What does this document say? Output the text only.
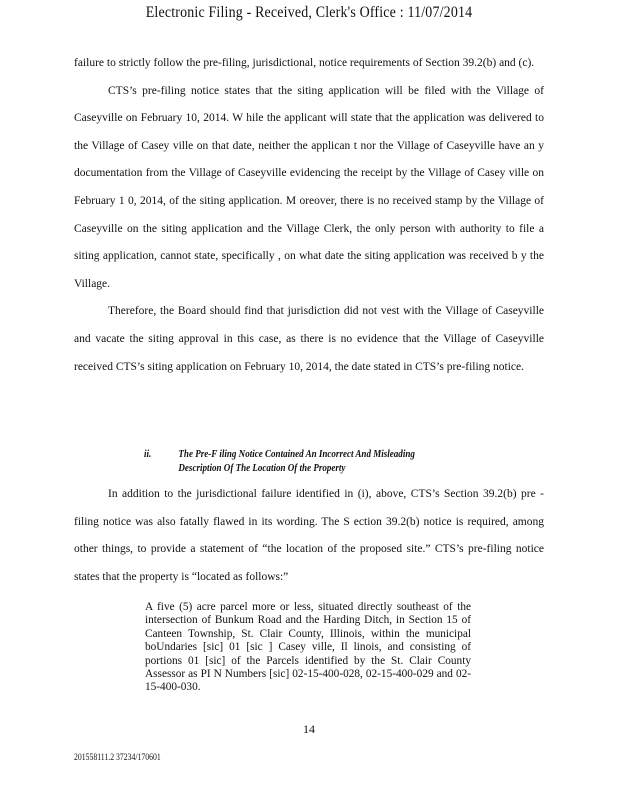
Electronic Filing - Received, Clerk's Office : 11/07/2014

failure to strictly follow the pre-filing, jurisdictional, notice requirements of Section 39.2(b) and (c).

CTS’s pre-filing notice states that the siting application will be filed with the Village of Caseyville on February 10, 2014. W hile the applicant will state that the application was delivered to the Village of Casey ville on that date, neither the applican t nor the Village of Caseyville have an y documentation from the Village of Caseyville evidencing the receipt by the Village of Casey ville on February 1 0, 2014, of the siting application. M oreover, there is no received stamp by the Village of Caseyville on the siting application and the Village Clerk, the only person with authority to file a siting application, cannot state, specifically , on what date the siting application was received b y the Village.

Therefore, the Board should find that jurisdiction did not vest with the Village of Caseyville and vacate the siting approval in this case, as there is no evidence that the Village of Caseyville received CTS’s siting application on February 10, 2014, the date stated in CTS’s pre-filing notice.

ii.	The Pre-F iling Notice Contained An Incorrect And Misleading
Description Of The Location Of the Property

In addition to the jurisdictional failure identified in (i), above, CTS’s Section 39.2(b) pre - filing notice was also fatally flawed in its wording. The S ection 39.2(b) notice is required, among other things, to provide a statement of “the location of the proposed site.” CTS’s pre-filing notice states that the property is “located as follows:”

A five (5) acre parcel more or less, situated directly southeast of the intersection of Bunkum Road and the Harding Ditch, in Section 15 of Canteen Township, St. Clair County, Illinois, within the municipal boUndaries [sic] 01 [sic ] Casey ville, Il linois, and consisting of portions 01 [sic] of the Parcels identified by the St. Clair County Assessor as PI N Numbers [sic] 02-15-400-028, 02-15-400-029 and 02-15-400-030.
14
201558111.2 37234/170601
